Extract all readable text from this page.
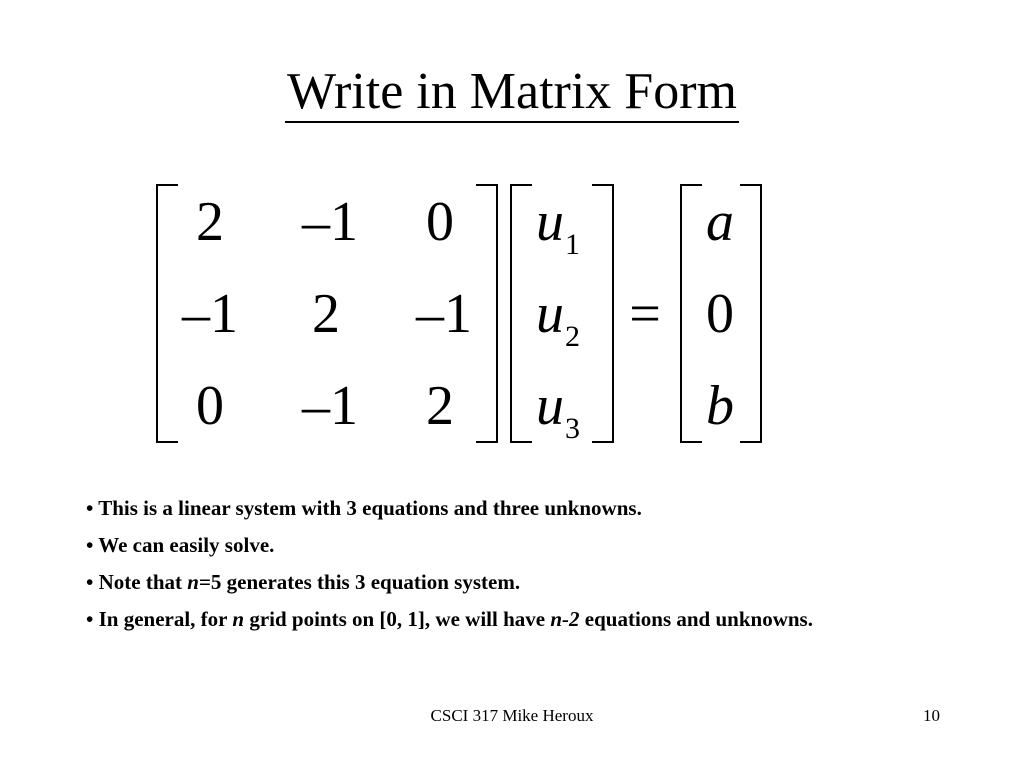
Write in Matrix Form
2	–1	0
–1	2	–1
0	–1	2
$u_1$
$u_2$
$u_3$
=
a
0
b
• This is a linear system with 3 equations and three unknowns.
• We can easily solve.
• Note that n=5 generates this 3 equation system.
• In general, for n grid points on [0, 1], we will have n-2 equations and unknowns.
CSCI 317 Mike Heroux	10
